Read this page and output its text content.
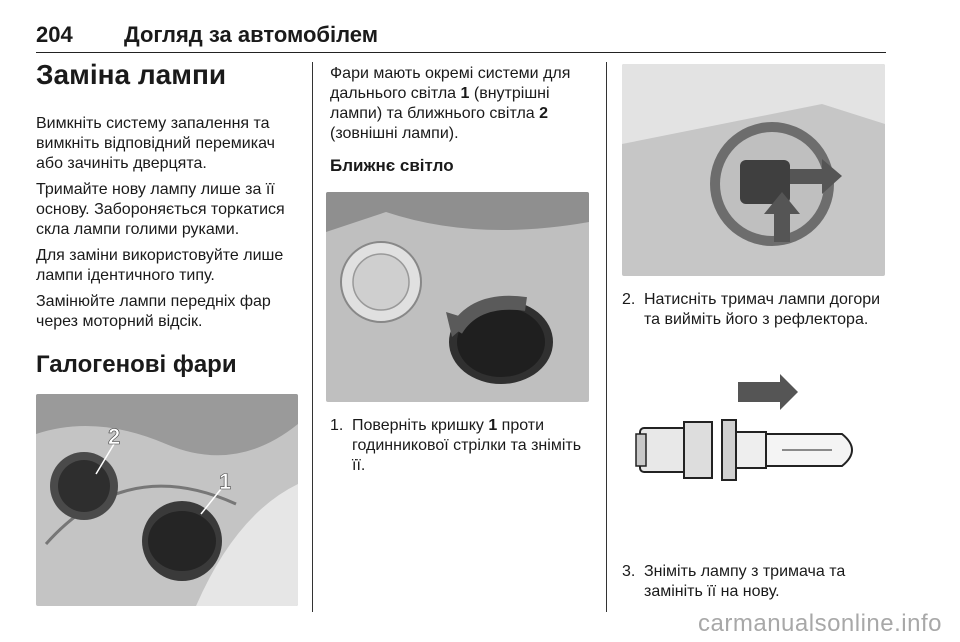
204 Догляд за автомобілем
Заміна лампи

Вимкніть систему запалення та вимкніть відповідний перемикач або зачиніть дверцята.

Тримайте нову лампу лише за її основу. Забороняється торкатися скла лампи голими руками.

Для заміни використовуйте лише лампи ідентичного типу.

Замінюйте лампи передніх фар через моторний відсік.

Галогенові фари
2
1

Фари мають окремі системи для дальнього світла 1 (внутрішні лампи) та ближнього світла 2 (зовнішні лампи).

Ближнє світло
1. Поверніть кришку 1 проти годинникової стрілки та зніміть її.
2. Натисніть тримач лампи догори та вийміть його з рефлектора.
3. Зніміть лампу з тримача та замініть її на нову.
carmanualsonline.info
